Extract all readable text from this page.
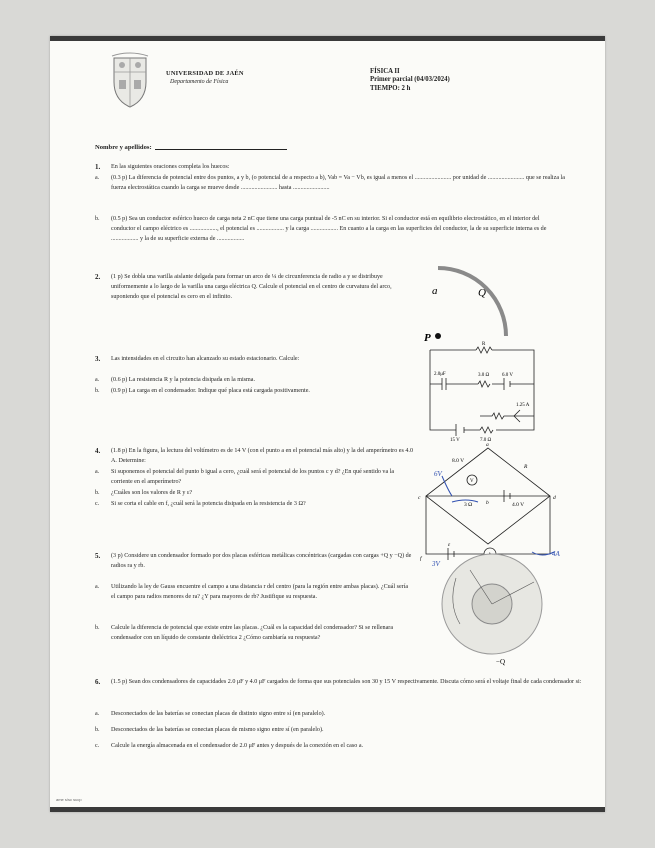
UNIVERSIDAD DE JAÉN
Departamento de Física
FÍSICA II
Primer parcial (04/03/2024)
TIEMPO: 2 h
Nombre y apellidos:
1. En las siguientes oraciones completa los huecos:
a. (0.3 p) La diferencia de potencial entre dos puntos, a y b, (o potencial de a respecto a b), Vab = Va − Vb, es igual a menos el ........................ por unidad de ........................ que se realiza la fuerza electrostática cuando la carga se mueve desde ........................ hasta ........................
b. (0.5 p) Sea un conductor esférico hueco de carga neta 2 nC que tiene una carga puntual de -5 nC en su interior. Si el conductor está en equilibrio electrostático, en el interior del conductor el campo eléctrico es .................., el potencial es .................. y la carga .................. En cuanto a la carga en las superficies del conductor, la de su superficie interna es de .................. y la de su superficie externa de ..................
2. (1 p) Se dobla una varilla aislante delgada para formar un arco de ¼ de circunferencia de radio a y se distribuye uniformemente a lo largo de la varilla una carga eléctrica Q. Calcule el potencial en el centro de curvatura del arco, suponiendo que el potencial es cero en el infinito.
a	Q
P
3. Las intensidades en el circuito han alcanzado su estado estacionario. Calcule:
a. (0.6 p) La resistencia R y la potencia disipada en la misma.
b. (0.9 p) La carga en el condensador. Indique qué placa está cargada positivamente.
R
2.0μF	3.0 Ω	6.0 V
1.25 A
15 V	7.0 Ω
4. (1.8 p) En la figura, la lectura del voltímetro es de 14 V (con el punto a en el potencial más alto) y la del amperímetro es 4.0 A. Determine:
a. Si suponemos el potencial del punto b igual a cero, ¿cuál será el potencial de los puntos c y d? ¿En qué sentido va la corriente en el amperímetro?
b. ¿Cuáles son los valores de R y ε?
c. Si se corta el cable en f, ¿cuál será la potencia disipada en la resistencia de 3 Ω?
8.0 V
a
R
V
3 Ω	4.0 V
ε
b
c	d
f
6V
4A
3V
5. (3 p) Considere un condensador formado por dos placas esféricas metálicas concéntricas (cargadas con cargas +Q y −Q) de radios ra y rb.
a. Utilizando la ley de Gauss encuentre el campo a una distancia r del centro (para la región entre ambas placas). ¿Cuál sería el campo para radios menores de ra? ¿Y para mayores de rb? Justifique su respuesta.
b. Calcule la diferencia de potencial que existe entre las placas. ¿Cuál es la capacidad del condensador? Si se rellenara condensador con un líquido de constante dieléctrica 2 ¿Cómo cambiaría su respuesta?
−Q
6. (1.5 p) Sean dos condensadores de capacidades 2.0 μF y 4.0 μF cargados de forma que sus potenciales son 30 y 15 V respectivamente. Discuta cómo será el voltaje final de cada condensador si:
a. Desconectados de las baterías se conectan placas de distinto signo entre sí (en paralelo).
b. Desconectados de las baterías se conectan placas de mismo signo entre sí (en paralelo).
c. Calcule la energía almacenada en el condensador de 2.0 μF antes y después de la conexión en el caso a.
ame s/sc sucp
